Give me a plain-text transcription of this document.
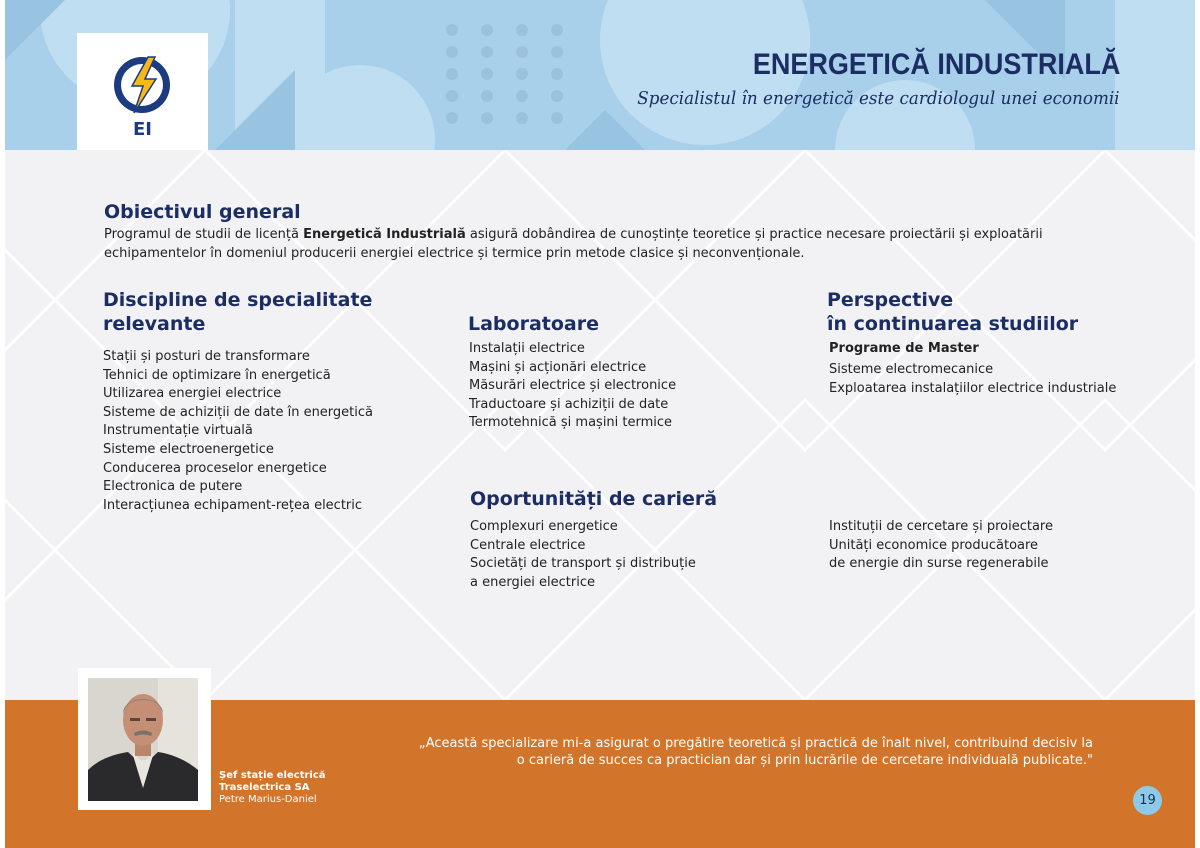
EI
ENERGETICĂ INDUSTRIALĂ
Specialistul în energetică este cardiologul unei economii
Obiectivul general
Programul de studii de licență Energetică Industrială asigură dobândirea de cunoștințe teoretice și practice necesare proiectării și exploatării echipamentelor în domeniul producerii energiei electrice și termice prin metode clasice și neconvenționale.
Discipline de specialitate
relevante
Stații și posturi de transformare
Tehnici de optimizare în energetică
Utilizarea energiei electrice
Sisteme de achiziții de date în energetică
Instrumentație virtuală
Sisteme electroenergetice
Conducerea proceselor energetice
Electronica de putere
Interacțiunea echipament-rețea electric
Laboratoare
Instalații electrice
Mașini și acționări electrice
Măsurări electrice și electronice
Traductoare și achiziții de date
Termotehnică și mașini termice
Perspective
în continuarea studiilor
Programe de Master
Sisteme electromecanice
Exploatarea instalațiilor electrice industriale
Oportunități de carieră
Complexuri energetice
Centrale electrice
Societăți de transport și distribuție
a energiei electrice
Instituții de cercetare și proiectare
Unități economice producătoare
de energie din surse regenerabile
Șef stație electrică
Traselectrica SA
Petre Marius-Daniel
„Această specializare mi-a asigurat o pregătire teoretică și practică de înalt nivel, contribuind decisiv la
o carieră de succes ca practician dar și prin lucrările de cercetare individuală publicate."
19
